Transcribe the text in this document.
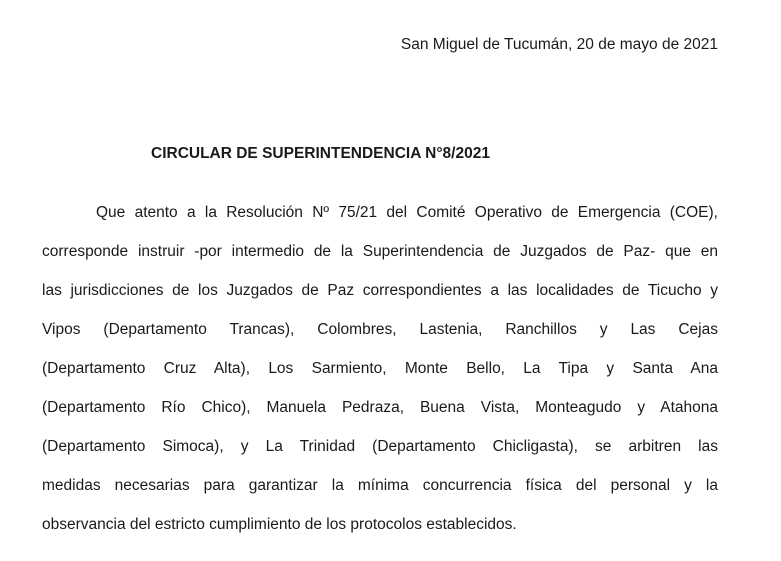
San Miguel de Tucumán, 20 de mayo de 2021
CIRCULAR DE SUPERINTENDENCIA N°8/2021
Que atento a la Resolución Nº 75/21 del Comité Operativo de Emergencia (COE),
corresponde instruir -por intermedio de la Superintendencia de Juzgados de Paz- que en
las jurisdicciones de los Juzgados de Paz correspondientes a las localidades de Ticucho y
Vipos (Departamento Trancas), Colombres, Lastenia, Ranchillos y Las Cejas
(Departamento Cruz Alta), Los Sarmiento, Monte Bello, La Tipa y Santa Ana
(Departamento Río Chico), Manuela Pedraza, Buena Vista, Monteagudo y Atahona
(Departamento Simoca), y La Trinidad (Departamento Chicligasta), se arbitren las
medidas necesarias para garantizar la mínima concurrencia física del personal y la
observancia del estricto cumplimiento de los protocolos establecidos.
